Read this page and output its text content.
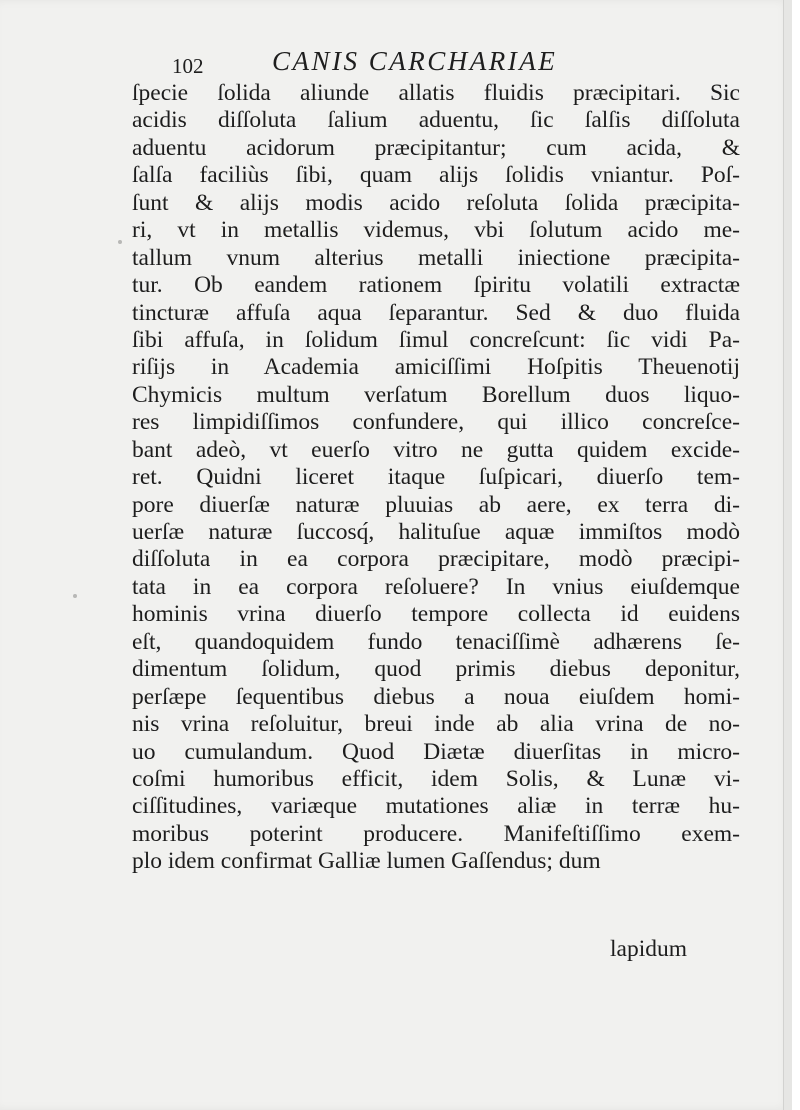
102	CANIS CARCHARIAE
ſpecie ſolida aliunde allatis fluidis præcipitari. Sic
acidis diſſoluta ſalium aduentu, ſic ſalſis diſſoluta
aduentu acidorum præcipitantur; cum acida, &
ſalſa faciliùs ſibi, quam alijs ſolidis vniantur. Poſ-
ſunt & alijs modis acido reſoluta ſolida præcipita-
ri, vt in metallis videmus, vbi ſolutum acido me-
tallum vnum alterius metalli iniectione præcipita-
tur. Ob eandem rationem ſpiritu volatili extractæ
tincturæ affuſa aqua ſeparantur. Sed & duo fluida
ſibi affuſa, in ſolidum ſimul concreſcunt: ſic vidi Pa-
riſijs in Academia amiciſſimi Hoſpitis Theuenotij
Chymicis multum verſatum Borellum duos liquo-
res limpidiſſimos confundere, qui illico concreſce-
bant adeò, vt euerſo vitro ne gutta quidem excide-
ret. Quidni liceret itaque ſuſpicari, diuerſo tem-
pore diuerſæ naturæ pluuias ab aere, ex terra di-
uerſæ naturæ ſuccosq́, halituſue aquæ immiſtos modò
diſſoluta in ea corpora præcipitare, modò præcipi-
tata in ea corpora reſoluere? In vnius eiuſdemque
hominis vrina diuerſo tempore collecta id euidens
eſt, quandoquidem fundo tenaciſſimè adhærens ſe-
dimentum ſolidum, quod primis diebus deponitur,
perſæpe ſequentibus diebus a noua eiuſdem homi-
nis vrina reſoluitur, breui inde ab alia vrina de no-
uo cumulandum. Quod Diætæ diuerſitas in micro-
coſmi humoribus efficit, idem Solis, & Lunæ vi-
ciſſitudines, variæque mutationes aliæ in terræ hu-
moribus poterint producere. Manifeſtiſſimo exem-
plo idem confirmat Galliæ lumen Gaſſendus; dum
lapidum
